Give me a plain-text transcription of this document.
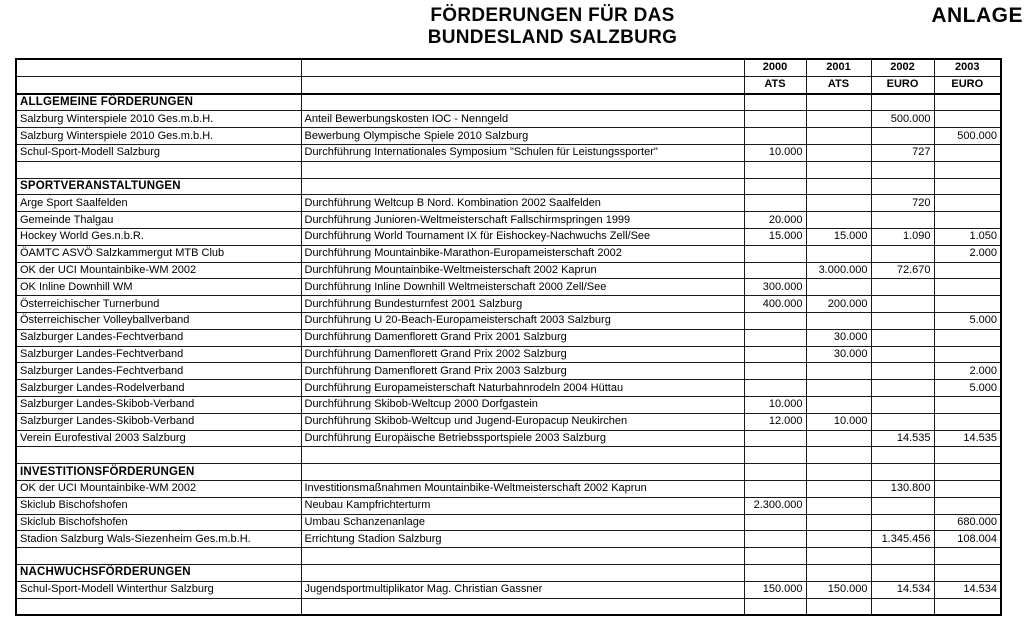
FÖRDERUNGEN FÜR DAS
BUNDESLAND SALZBURG
ANLAGE
		2000	2001	2002	2003
		ATS	ATS	EURO	EURO
ALLGEMEINE FÖRDERUNGEN					
Salzburg Winterspiele 2010 Ges.m.b.H.	Anteil Bewerbungskosten IOC - Nenngeld			500.000	
Salzburg Winterspiele 2010 Ges.m.b.H.	Bewerbung Olympische Spiele 2010 Salzburg				500.000
Schul-Sport-Modell Salzburg	Durchführung Internationales Symposium "Schulen für Leistungssporter"	10.000		727	

SPORTVERANSTALTUNGEN					
Arge Sport Saalfelden	Durchführung Weltcup B Nord. Kombination 2002 Saalfelden			720	
Gemeinde Thalgau	Durchführung Junioren-Weltmeisterschaft Fallschirmspringen 1999	20.000			
Hockey World Ges.n.b.R.	Durchführung World Tournament IX für Eishockey-Nachwuchs Zell/See	15.000	15.000	1.090	1.050
ÖAMTC ASVÖ Salzkammergut MTB Club	Durchführung Mountainbike-Marathon-Europameisterschaft 2002				2.000
OK der UCI Mountainbike-WM 2002	Durchführung Mountainbike-Weltmeisterschaft 2002 Kaprun		3.000.000	72.670	
OK Inline Downhill WM	Durchführung Inline Downhill Weltmeisterschaft 2000 Zell/See	300.000			
Österreichischer Turnerbund	Durchführung Bundesturnfest 2001 Salzburg	400.000	200.000		
Österreichischer Volleyballverband	Durchführung U 20-Beach-Europameisterschaft 2003 Salzburg				5.000
Salzburger Landes-Fechtverband	Durchführung Damenflorett Grand Prix 2001 Salzburg		30.000		
Salzburger Landes-Fechtverband	Durchführung Damenflorett Grand Prix 2002 Salzburg		30.000		
Salzburger Landes-Fechtverband	Durchführung Damenflorett Grand Prix 2003 Salzburg				2.000
Salzburger Landes-Rodelverband	Durchführung Europameisterschaft Naturbahnrodeln 2004 Hüttau				5.000
Salzburger Landes-Skibob-Verband	Durchführung Skibob-Weltcup 2000 Dorfgastein	10.000			
Salzburger Landes-Skibob-Verband	Durchführung Skibob-Weltcup und Jugend-Europacup Neukirchen	12.000	10.000		
Verein Eurofestival 2003 Salzburg	Durchführung Europäische Betriebssportspiele 2003 Salzburg			14.535	14.535

INVESTITIONSFÖRDERUNGEN					
OK der UCI Mountainbike-WM 2002	Investitionsmaßnahmen Mountainbike-Weltmeisterschaft 2002 Kaprun			130.800	
Skiclub Bischofshofen	Neubau Kampfrichterturm	2.300.000			
Skiclub Bischofshofen	Umbau Schanzenanlage				680.000
Stadion Salzburg Wals-Siezenheim Ges.m.b.H.	Errichtung Stadion Salzburg			1.345.456	108.004

NACHWUCHSFÖRDERUNGEN					
Schul-Sport-Modell Winterthur Salzburg	Jugendsportmultiplikator Mag. Christian Gassner	150.000	150.000	14.534	14.534
